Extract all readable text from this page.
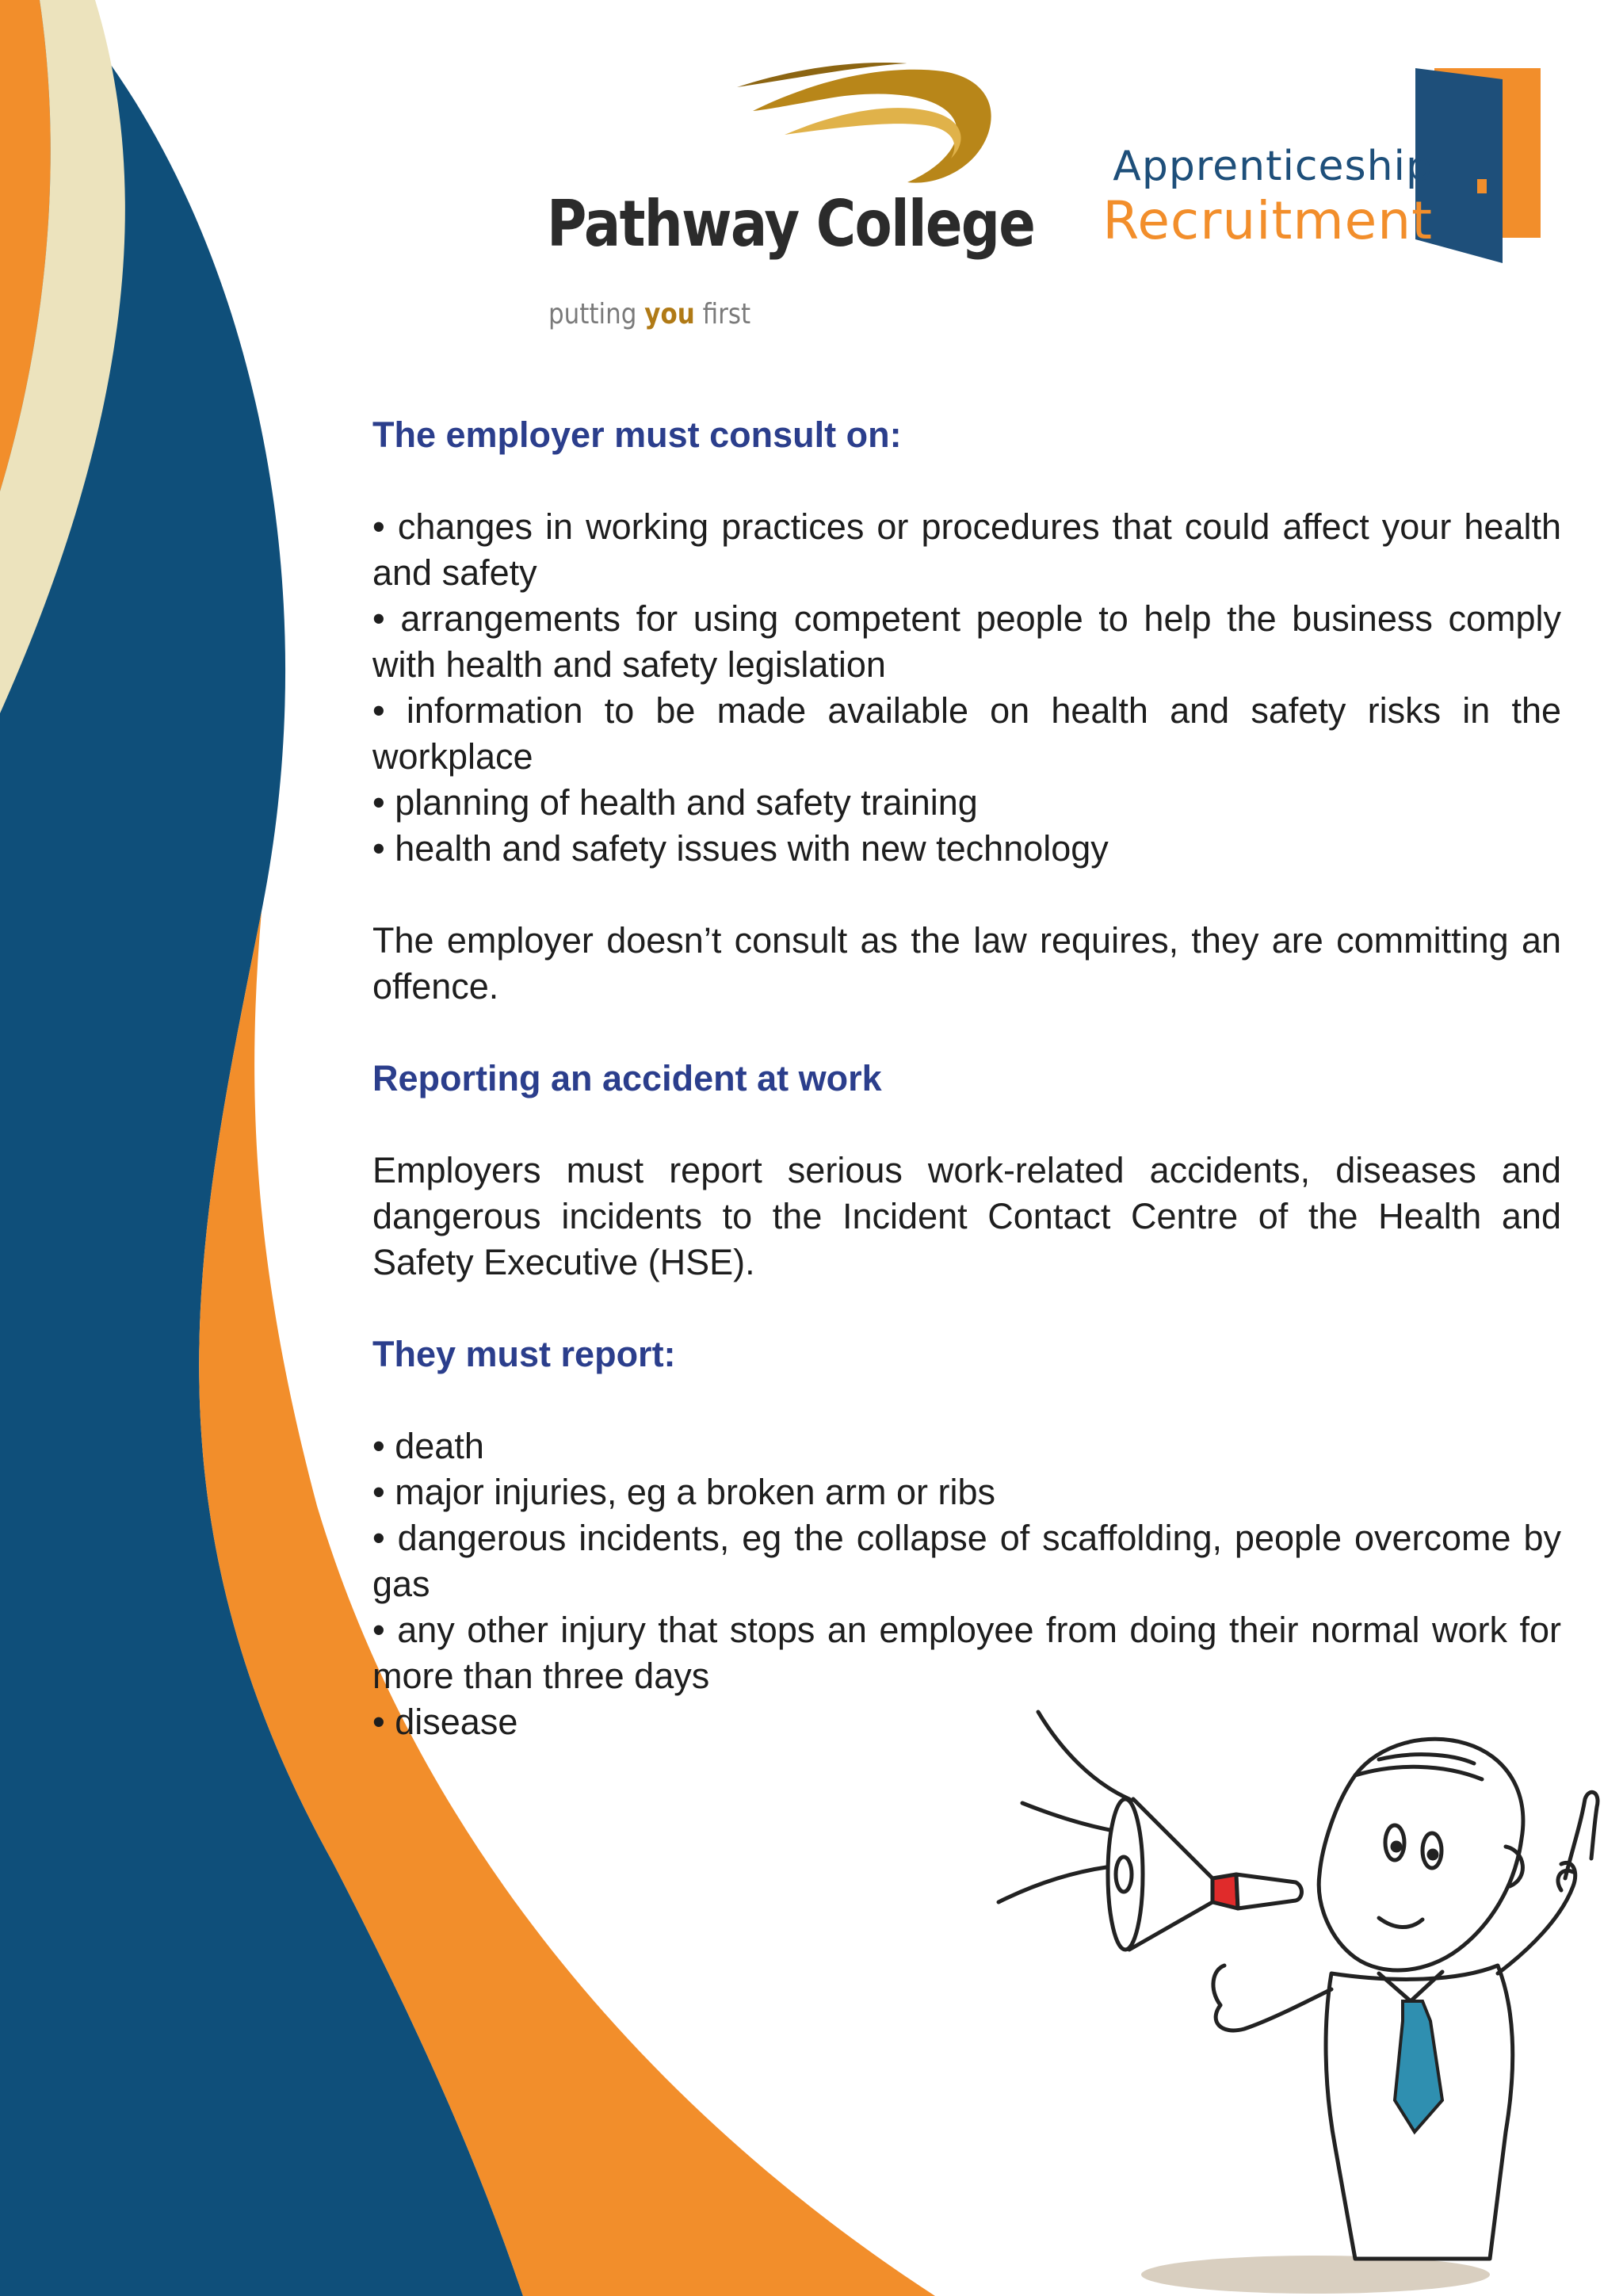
Pathway College
putting you first
Apprenticeship
Recruitment

The employer must consult on:

• changes in working practices or procedures that could affect your health and safety
• arrangements for using competent people to help the business comply with health and safety legislation
• information to be made available on health and safety risks in the workplace
• planning of health and safety training
• health and safety issues with new technology

The employer doesn’t consult as the law requires, they are committing an offence.

Reporting an accident at work

Employers must report serious work-related accidents, diseases and dangerous incidents to the Incident Contact Centre of the Health and Safety Executive (HSE).

They must report:

• death
• major injuries, eg a broken arm or ribs
• dangerous incidents, eg the collapse of scaffolding, people overcome by gas
• any other injury that stops an employee from doing their normal work for more than three days
• disease
